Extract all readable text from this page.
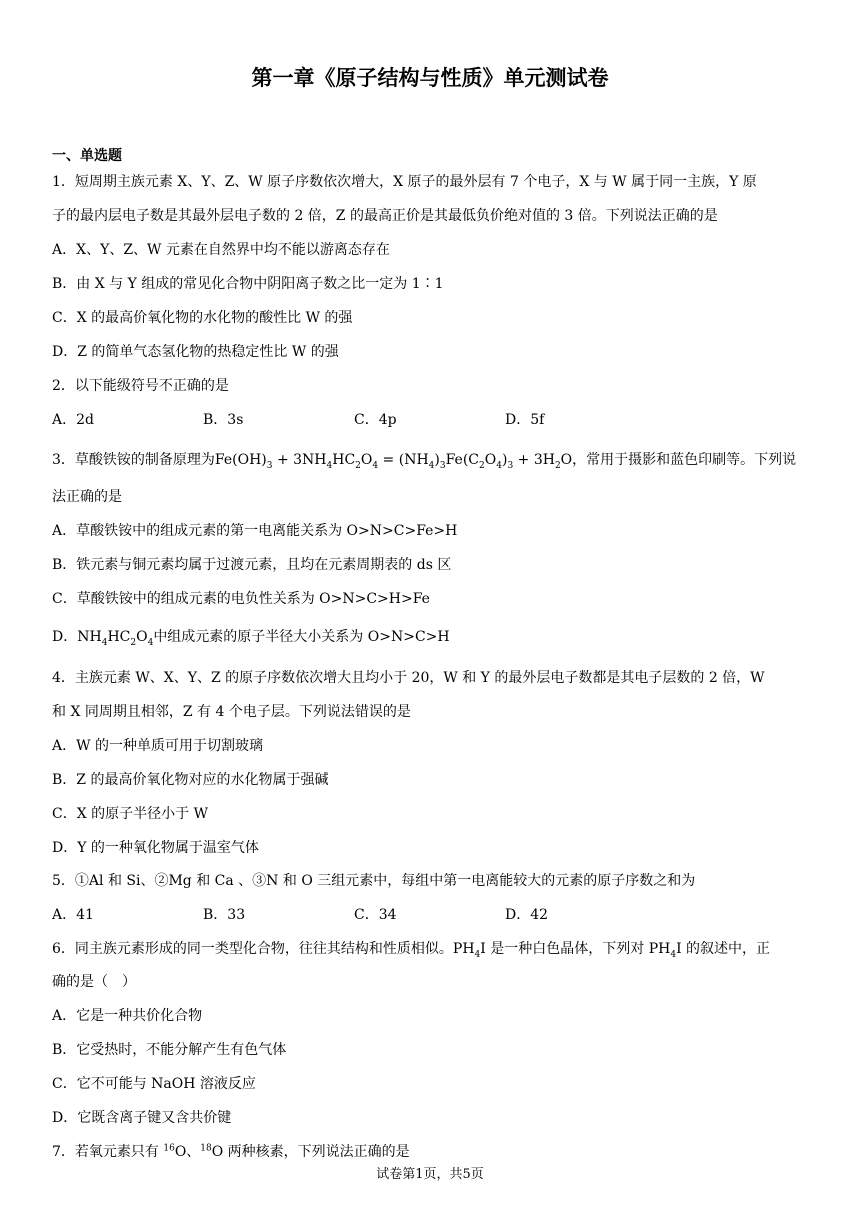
第一章《原子结构与性质》单元测试卷
一、单选题
1．短周期主族元素 X、Y、Z、W 原子序数依次增大，X 原子的最外层有 7 个电子，X 与 W 属于同一主族，Y 原
子的最内层电子数是其最外层电子数的 2 倍，Z 的最高正价是其最低负价绝对值的 3 倍。下列说法正确的是
A．X、Y、Z、W 元素在自然界中均不能以游离态存在
B．由 X 与 Y 组成的常见化合物中阴阳离子数之比一定为 1∶1
C．X 的最高价氧化物的水化物的酸性比 W 的强
D．Z 的简单气态氢化物的热稳定性比 W 的强
2．以下能级符号不正确的是
A．2d	B．3s	C．4p	D．5f
3．草酸铁铵的制备原理为$Fe(OH)_3 + 3NH_4HC_2O_4 = (NH_4)_3Fe(C_2O_4)_3 + 3H_2O$，常用于摄影和蓝色印刷等。下列说
法正确的是
A．草酸铁铵中的组成元素的第一电离能关系为 O>N>C>Fe>H
B．铁元素与铜元素均属于过渡元素，且均在元素周期表的 ds 区
C．草酸铁铵中的组成元素的电负性关系为 O>N>C>H>Fe
D．$NH_4HC_2O_4$中组成元素的原子半径大小关系为 O>N>C>H
4．主族元素 W、X、Y、Z 的原子序数依次增大且均小于 20，W 和 Y 的最外层电子数都是其电子层数的 2 倍，W
和 X 同周期且相邻，Z 有 4 个电子层。下列说法错误的是
A．W 的一种单质可用于切割玻璃
B．Z 的最高价氧化物对应的水化物属于强碱
C．X 的原子半径小于 W
D．Y 的一种氧化物属于温室气体
5．①Al 和 Si、②Mg 和 Ca 、③N 和 O 三组元素中，每组中第一电离能较大的元素的原子序数之和为
A．41	B．33	C．34	D．42
6．同主族元素形成的同一类型化合物，往往其结构和性质相似。$PH_4I$ 是一种白色晶体，下列对 $PH_4I$ 的叙述中，正
确的是（　）
A．它是一种共价化合物
B．它受热时，不能分解产生有色气体
C．它不可能与 NaOH 溶液反应
D．它既含离子键又含共价键
7．若氧元素只有 $^{16}$O、$^{18}$O 两种核素，下列说法正确的是
试卷第1页，共5页
